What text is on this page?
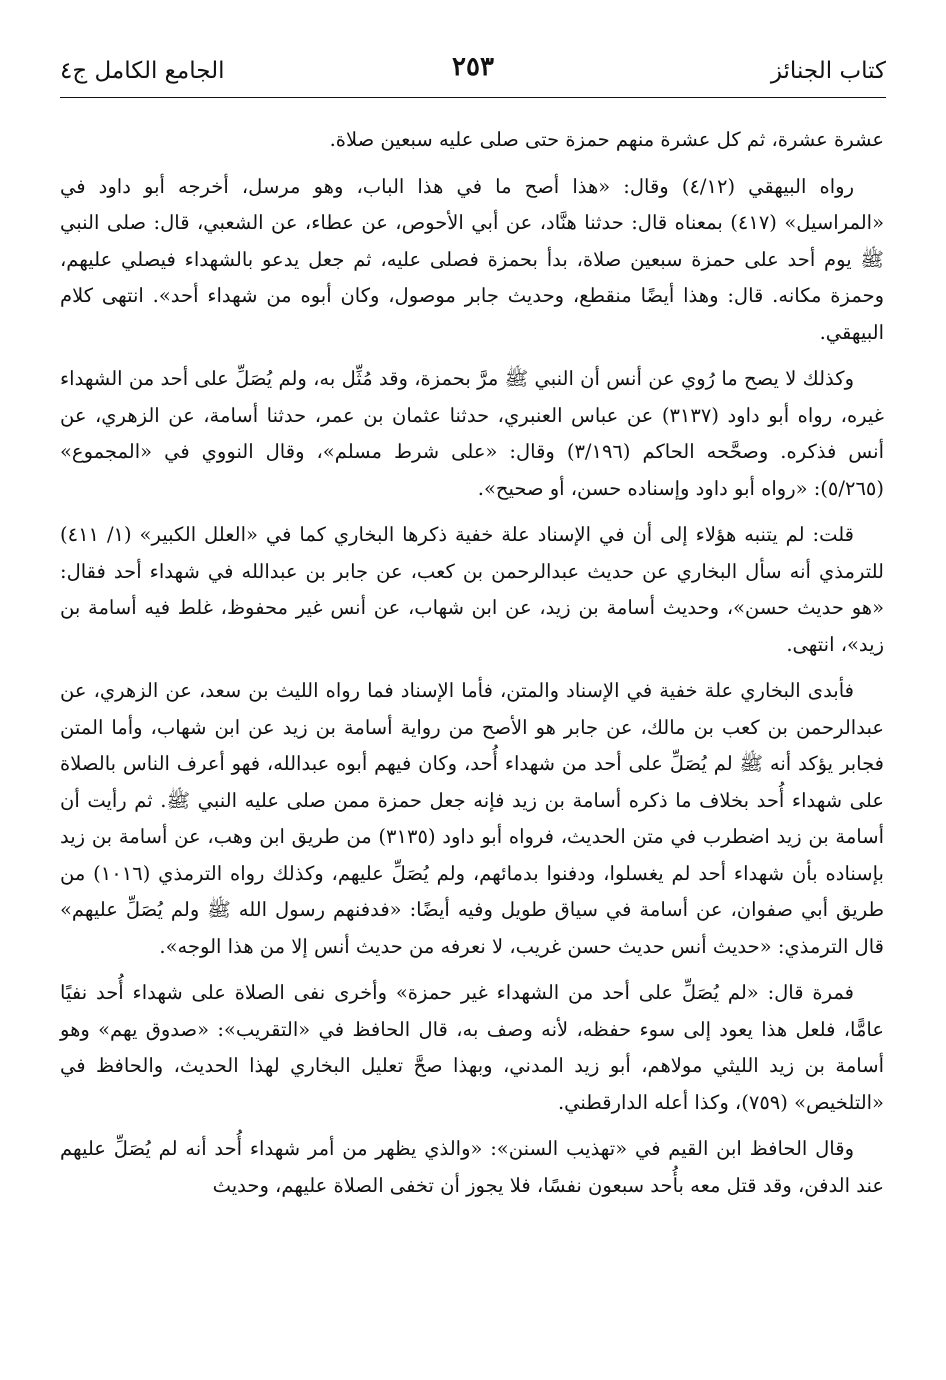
كتاب الجنائز
٢٥٣
الجامع الكامل ج٤

عشرة عشرة، ثم كل عشرة منهم حمزة حتى صلى عليه سبعين صلاة.

رواه البيهقي (٤/١٢) وقال: «هذا أصح ما في هذا الباب، وهو مرسل، أخرجه أبو داود في «المراسيل» (٤١٧) بمعناه قال: حدثنا هنَّاد، عن أبي الأحوص، عن عطاء، عن الشعبي، قال: صلى النبي ﷺ يوم أحد على حمزة سبعين صلاة، بدأ بحمزة فصلى عليه، ثم جعل يدعو بالشهداء فيصلي عليهم، وحمزة مكانه. قال: وهذا أيضًا منقطع، وحديث جابر موصول، وكان أبوه من شهداء أحد». انتهى كلام البيهقي.

وكذلك لا يصح ما رُوي عن أنس أن النبي ﷺ مرَّ بحمزة، وقد مُثِّل به، ولم يُصَلِّ على أحد من الشهداء غيره، رواه أبو داود (٣١٣٧) عن عباس العنبري، حدثنا عثمان بن عمر، حدثنا أسامة، عن الزهري، عن أنس فذكره. وصحَّحه الحاكم (٣/١٩٦) وقال: «على شرط مسلم»، وقال النووي في «المجموع» (٥/٢٦٥): «رواه أبو داود وإسناده حسن، أو صحيح».

قلت: لم يتنبه هؤلاء إلى أن في الإسناد علة خفية ذكرها البخاري كما في «العلل الكبير» (١/ ٤١١) للترمذي أنه سأل البخاري عن حديث عبدالرحمن بن كعب، عن جابر بن عبدالله في شهداء أحد فقال: «هو حديث حسن»، وحديث أسامة بن زيد، عن ابن شهاب، عن أنس غير محفوظ، غلط فيه أسامة بن زيد»، انتهى.

فأبدى البخاري علة خفية في الإسناد والمتن، فأما الإسناد فما رواه الليث بن سعد، عن الزهري، عن عبدالرحمن بن كعب بن مالك، عن جابر هو الأصح من رواية أسامة بن زيد عن ابن شهاب، وأما المتن فجابر يؤكد أنه ﷺ لم يُصَلِّ على أحد من شهداء أُحد، وكان فيهم أبوه عبدالله، فهو أعرف الناس بالصلاة على شهداء أُحد بخلاف ما ذكره أسامة بن زيد فإنه جعل حمزة ممن صلى عليه النبي ﷺ. ثم رأيت أن أسامة بن زيد اضطرب في متن الحديث، فرواه أبو داود (٣١٣٥) من طريق ابن وهب، عن أسامة بن زيد بإسناده بأن شهداء أحد لم يغسلوا، ودفنوا بدمائهم، ولم يُصَلِّ عليهم، وكذلك رواه الترمذي (١٠١٦) من طريق أبي صفوان، عن أسامة في سياق طويل وفيه أيضًا: «فدفنهم رسول الله ﷺ ولم يُصَلِّ عليهم» قال الترمذي: «حديث أنس حديث حسن غريب، لا نعرفه من حديث أنس إلا من هذا الوجه».

فمرة قال: «لم يُصَلِّ على أحد من الشهداء غير حمزة» وأخرى نفى الصلاة على شهداء أُحد نفيًا عامًّا، فلعل هذا يعود إلى سوء حفظه، لأنه وصف به، قال الحافظ في «التقريب»: «صدوق يهم» وهو أسامة بن زيد الليثي مولاهم، أبو زيد المدني، وبهذا صحَّ تعليل البخاري لهذا الحديث، والحافظ في «التلخيص» (٧٥٩)، وكذا أعله الدارقطني.

وقال الحافظ ابن القيم في «تهذيب السنن»: «والذي يظهر من أمر شهداء أُحد أنه لم يُصَلِّ عليهم عند الدفن، وقد قتل معه بأُحد سبعون نفسًا، فلا يجوز أن تخفى الصلاة عليهم، وحديث
